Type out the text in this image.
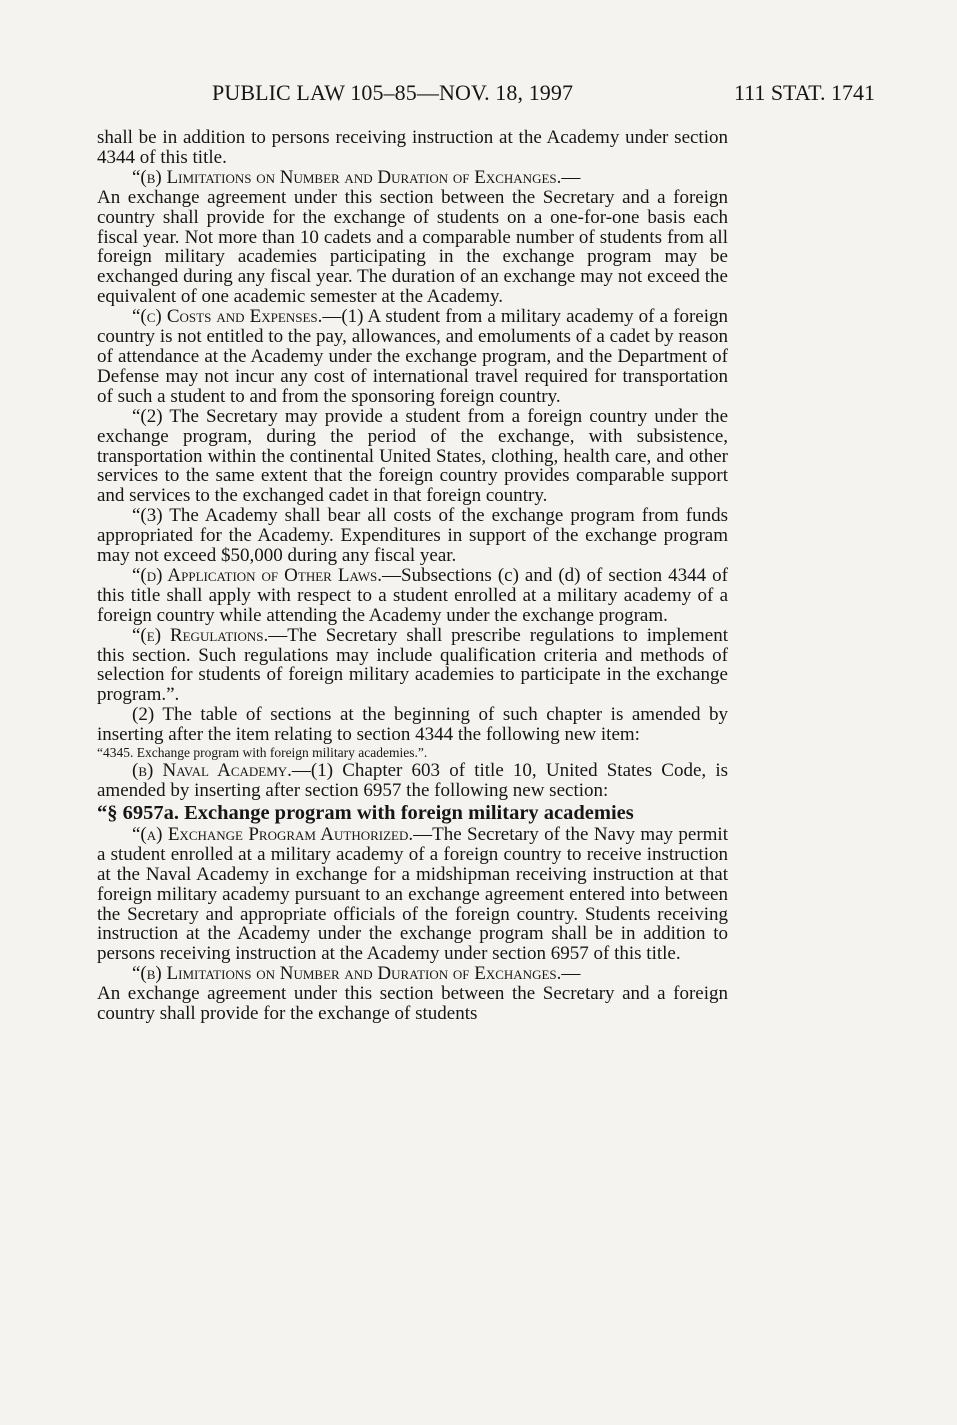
PUBLIC LAW 105–85—NOV. 18, 1997	111 STAT. 1741

shall be in addition to persons receiving instruction at the Academy under section 4344 of this title.

“(b) Limitations on Number and Duration of Exchanges.—

An exchange agreement under this section between the Secretary and a foreign country shall provide for the exchange of students on a one-for-one basis each fiscal year. Not more than 10 cadets and a comparable number of students from all foreign military academies participating in the exchange program may be exchanged during any fiscal year. The duration of an exchange may not exceed the equivalent of one academic semester at the Academy.

“(c) Costs and Expenses.—(1) A student from a military academy of a foreign country is not entitled to the pay, allowances, and emoluments of a cadet by reason of attendance at the Academy under the exchange program, and the Department of Defense may not incur any cost of international travel required for transportation of such a student to and from the sponsoring foreign country.

“(2) The Secretary may provide a student from a foreign country under the exchange program, during the period of the exchange, with subsistence, transportation within the continental United States, clothing, health care, and other services to the same extent that the foreign country provides comparable support and services to the exchanged cadet in that foreign country.

“(3) The Academy shall bear all costs of the exchange program from funds appropriated for the Academy. Expenditures in support of the exchange program may not exceed $50,000 during any fiscal year.

“(d) Application of Other Laws.—Subsections (c) and (d) of section 4344 of this title shall apply with respect to a student enrolled at a military academy of a foreign country while attending the Academy under the exchange program.

“(e) Regulations.—The Secretary shall prescribe regulations to implement this section. Such regulations may include qualification criteria and methods of selection for students of foreign military academies to participate in the exchange program.”.

(2) The table of sections at the beginning of such chapter is amended by inserting after the item relating to section 4344 the following new item:

“4345. Exchange program with foreign military academies.”.

(b) Naval Academy.—(1) Chapter 603 of title 10, United States Code, is amended by inserting after section 6957 the following new section:

“§ 6957a. Exchange program with foreign military academies

“(a) Exchange Program Authorized.—The Secretary of the Navy may permit a student enrolled at a military academy of a foreign country to receive instruction at the Naval Academy in exchange for a midshipman receiving instruction at that foreign military academy pursuant to an exchange agreement entered into between the Secretary and appropriate officials of the foreign country. Students receiving instruction at the Academy under the exchange program shall be in addition to persons receiving instruction at the Academy under section 6957 of this title.

“(b) Limitations on Number and Duration of Exchanges.—

An exchange agreement under this section between the Secretary and a foreign country shall provide for the exchange of students
